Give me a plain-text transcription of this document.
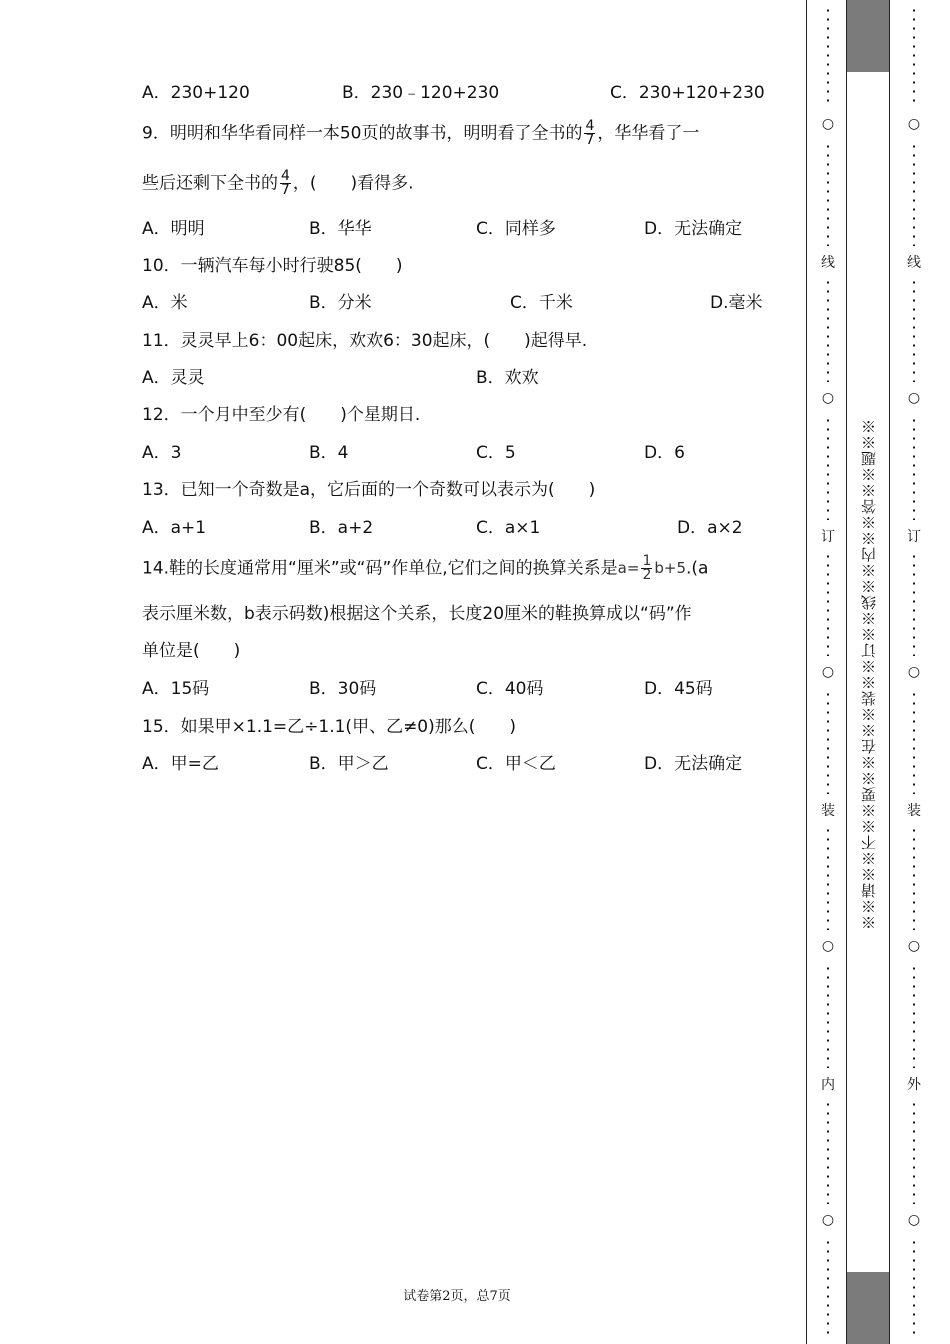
A．230+120	B．230﹣120+230	C．230+120+230
9．明明和华华看同样一本50页的故事书，明明看了全书的 $\frac{4}{7}$ ，华华看了一
些后还剩下全书的 $\frac{4}{7}$ ，(　　)看得多.
A．明明	B．华华	C．同样多	D．无法确定
10．一辆汽车每小时行驶85(　　)
A．米	B．分米	C．千米	D.毫米
11．灵灵早上6：00起床，欢欢6：30起床，(　　)起得早.
A．灵灵	B．欢欢
12．一个月中至少有(　　)个星期日.
A．3	B．4	C．5	D．6
13．已知一个奇数是a，它后面的一个奇数可以表示为(　　)
A．a+1	B．a+2	C．a×1	D．a×2
14.鞋的长度通常用“厘米”或“码”作单位,它们之间的换算关系是$a= \frac{1}{2} b+5.(a$
表示厘米数，b表示码数)根据这个关系，长度20厘米的鞋换算成以“码”作
单位是(　　)
A．15码	B．30码	C．40码	D．45码
15．如果甲×1.1=乙÷1.1(甲、乙≠0)那么(　　)
A．甲=乙	B．甲＞乙	C．甲＜乙	D．无法确定
试卷第2页，总7页
※※请※※不※※要※※在※※装※※订※※线※※内※※答※※题※※
○
线
○
订
○
装
○
内
○
○
线
○
订
○
装
○
外
○
